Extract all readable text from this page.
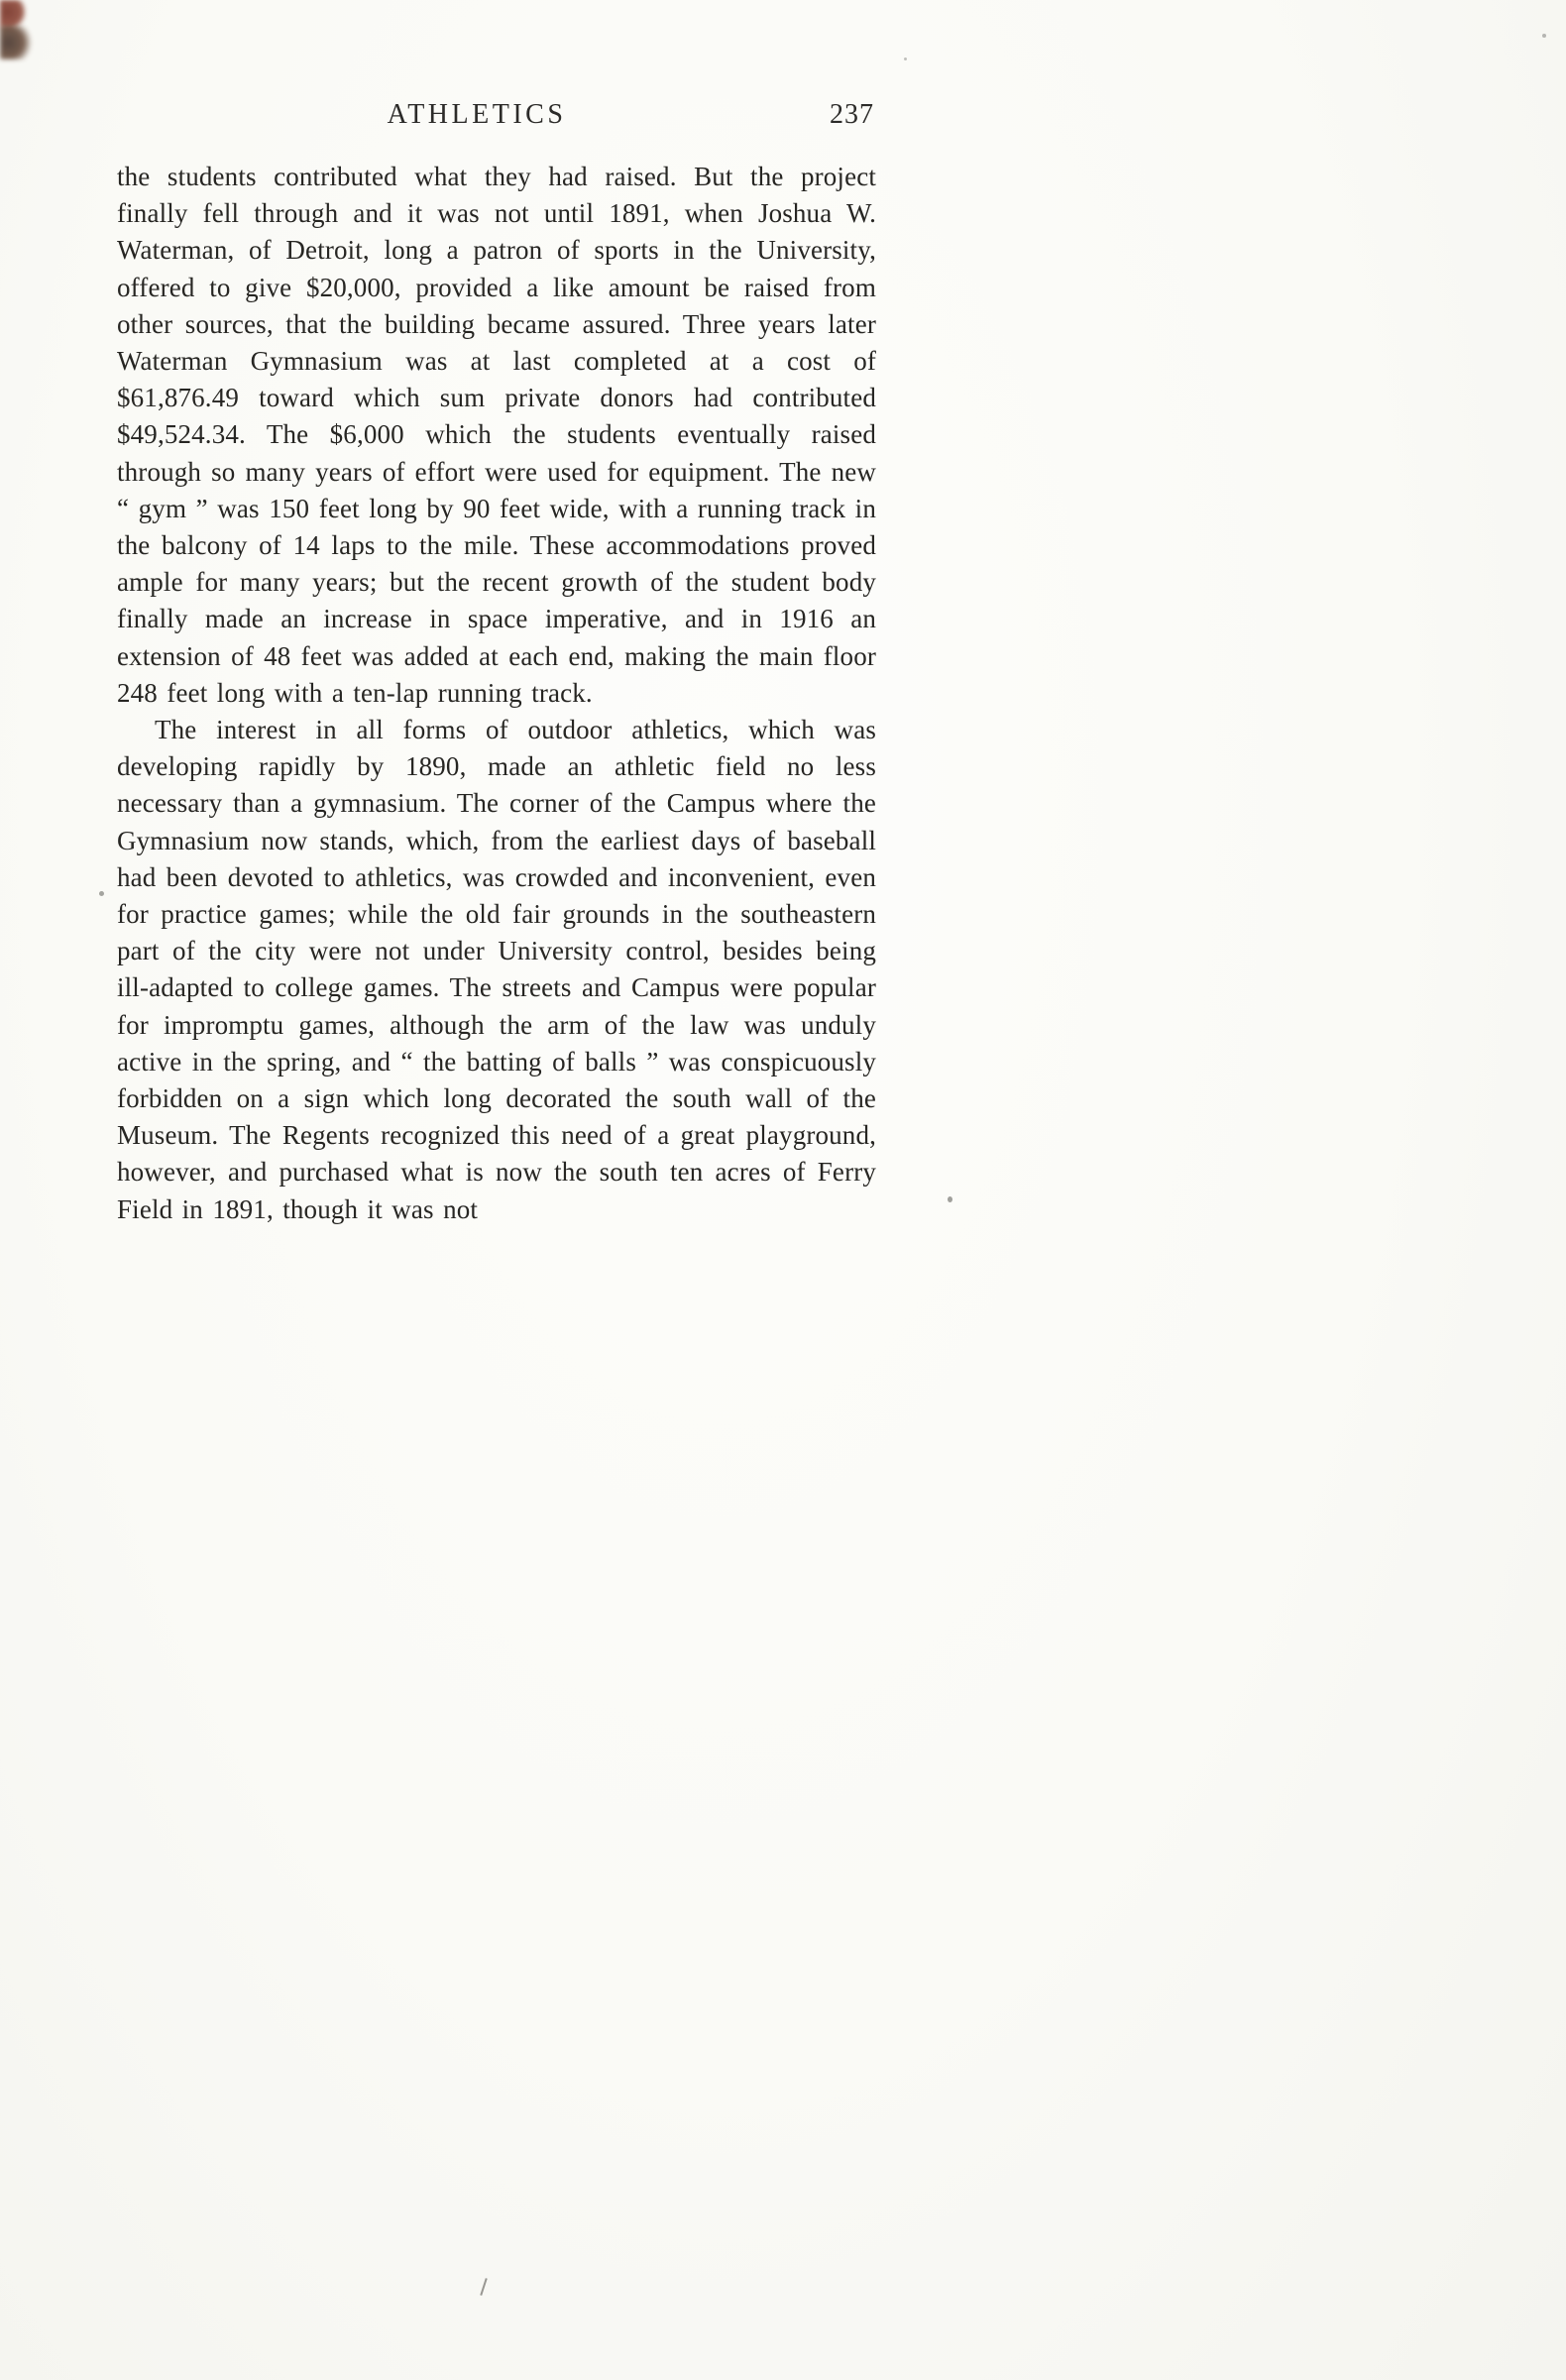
ATHLETICS	237

the students contributed what they had raised. But the project finally fell through and it was not until 1891, when Joshua W. Waterman, of Detroit, long a patron of sports in the University, offered to give $20,000, provided a like amount be raised from other sources, that the building became assured. Three years later Waterman Gymnasium was at last completed at a cost of $61,876.49 toward which sum private donors had contributed $49,524.34. The $6,000 which the students eventually raised through so many years of effort were used for equipment. The new “ gym ” was 150 feet long by 90 feet wide, with a running track in the balcony of 14 laps to the mile. These accommodations proved ample for many years; but the recent growth of the student body finally made an increase in space imperative, and in 1916 an extension of 48 feet was added at each end, making the main floor 248 feet long with a ten-lap running track.

The interest in all forms of outdoor athletics, which was developing rapidly by 1890, made an athletic field no less necessary than a gymnasium. The corner of the Campus where the Gymnasium now stands, which, from the earliest days of baseball had been devoted to athletics, was crowded and inconvenient, even for practice games; while the old fair grounds in the southeastern part of the city were not under University control, besides being ill-adapted to college games. The streets and Campus were popular for impromptu games, although the arm of the law was unduly active in the spring, and “ the batting of balls ” was conspicuously forbidden on a sign which long decorated the south wall of the Museum. The Regents recognized this need of a great playground, however, and purchased what is now the south ten acres of Ferry Field in 1891, though it was not
